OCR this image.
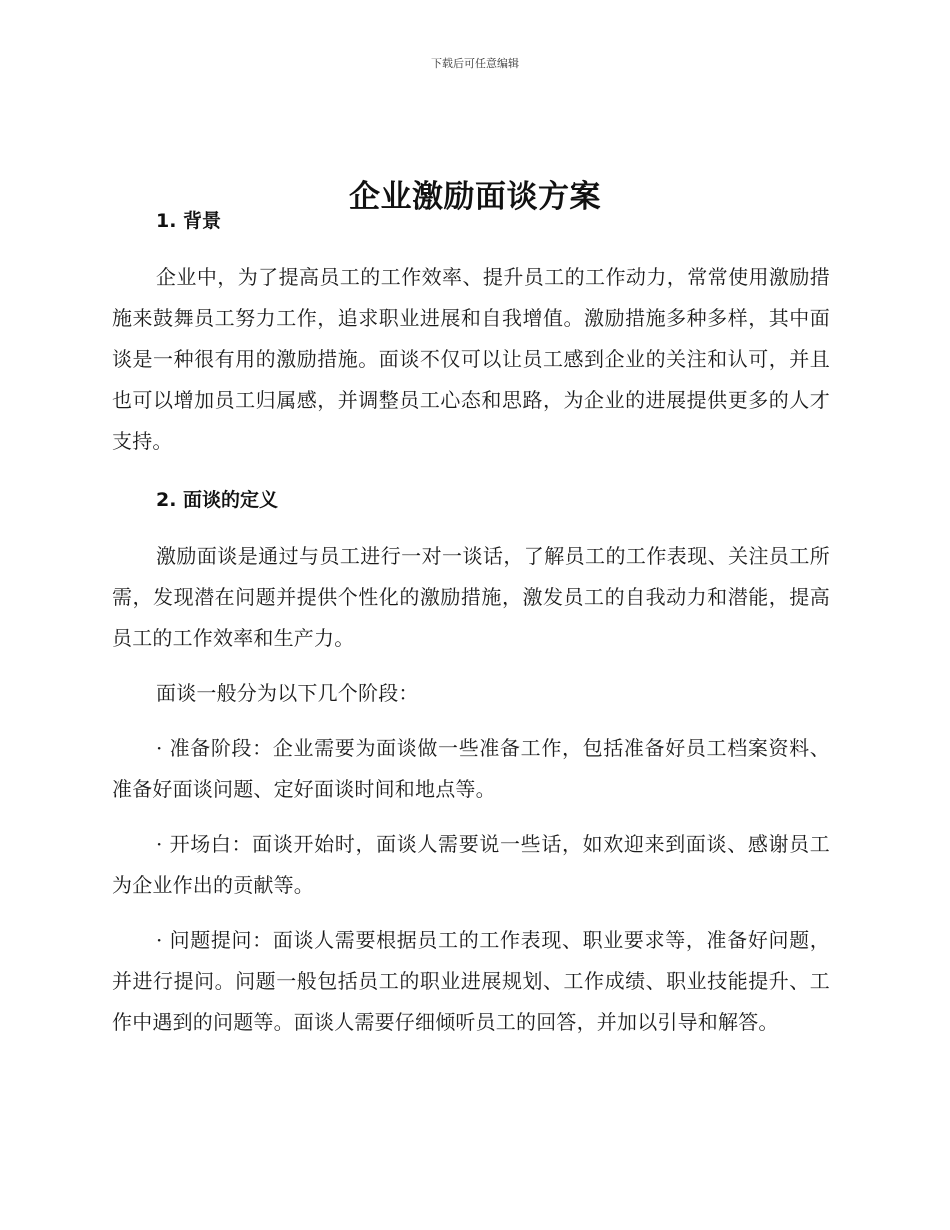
下载后可任意编辑
企业激励面谈方案
1. 背景

企业中，为了提高员工的工作效率、提升员工的工作动力，常常使用激励措施来鼓舞员工努力工作，追求职业进展和自我增值。激励措施多种多样，其中面谈是一种很有用的激励措施。面谈不仅可以让员工感到企业的关注和认可，并且也可以增加员工归属感，并调整员工心态和思路，为企业的进展提供更多的人才支持。

2. 面谈的定义

激励面谈是通过与员工进行一对一谈话，了解员工的工作表现、关注员工所需，发现潜在问题并提供个性化的激励措施，激发员工的自我动力和潜能，提高员工的工作效率和生产力。

面谈一般分为以下几个阶段：

· 准备阶段：企业需要为面谈做一些准备工作，包括准备好员工档案资料、准备好面谈问题、定好面谈时间和地点等。

· 开场白：面谈开始时，面谈人需要说一些话，如欢迎来到面谈、感谢员工为企业作出的贡献等。

· 问题提问：面谈人需要根据员工的工作表现、职业要求等，准备好问题，并进行提问。问题一般包括员工的职业进展规划、工作成绩、职业技能提升、工作中遇到的问题等。面谈人需要仔细倾听员工的回答，并加以引导和解答。
